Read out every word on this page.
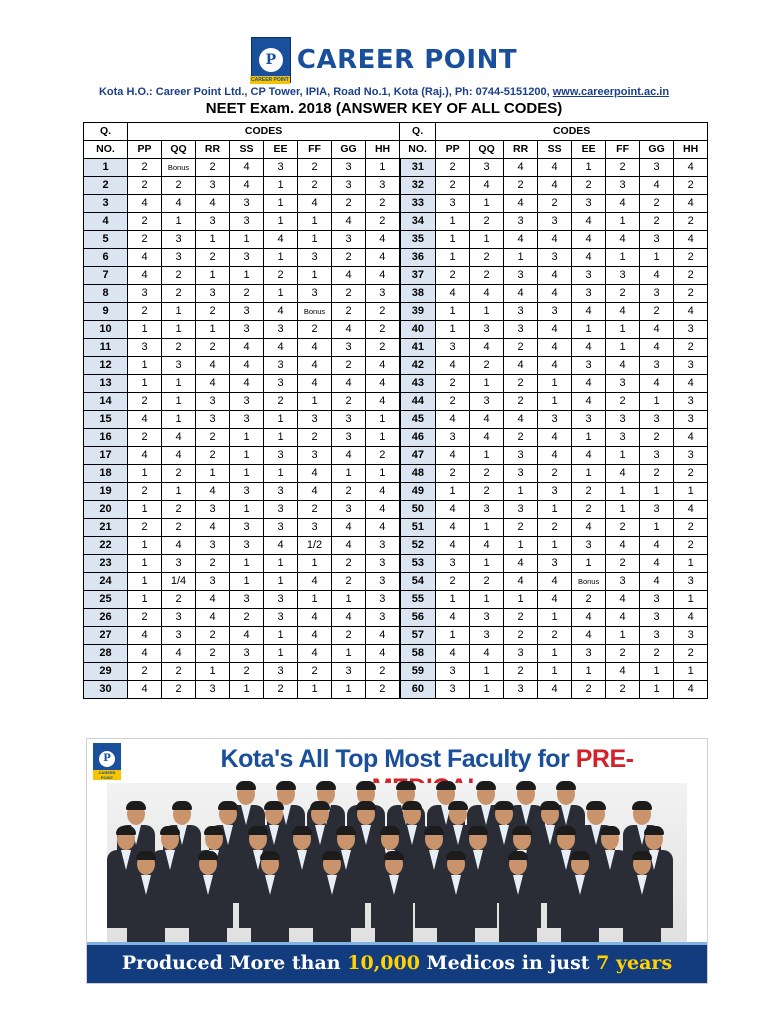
P
CAREER POINT
CAREER POINT
Kota H.O.: Career Point Ltd., CP Tower, IPIA, Road No.1, Kota (Raj.), Ph: 0744-5151200, www.careerpoint.ac.in
NEET Exam. 2018 (ANSWER KEY OF ALL CODES)
Q.	CODES								Q.	CODES							
NO.	PP	QQ	RR	SS	EE	FF	GG	HH	NO.	PP	QQ	RR	SS	EE	FF	GG	HH
1	2	Bonus	2	4	3	2	3	1	31	2	3	4	4	1	2	3	4
2	2	2	3	4	1	2	3	3	32	2	4	2	4	2	3	4	2
3	4	4	4	3	1	4	2	2	33	3	1	4	2	3	4	2	4
4	2	1	3	3	1	1	4	2	34	1	2	3	3	4	1	2	2
5	2	3	1	1	4	1	3	4	35	1	1	4	4	4	4	3	4
6	4	3	2	3	1	3	2	4	36	1	2	1	3	4	1	1	2
7	4	2	1	1	2	1	4	4	37	2	2	3	4	3	3	4	2
8	3	2	3	2	1	3	2	3	38	4	4	4	4	3	2	3	2
9	2	1	2	3	4	Bonus	2	2	39	1	1	3	3	4	4	2	4
10	1	1	1	3	3	2	4	2	40	1	3	3	4	1	1	4	3
11	3	2	2	4	4	4	3	2	41	3	4	2	4	4	1	4	2
12	1	3	4	4	3	4	2	4	42	4	2	4	4	3	4	3	3
13	1	1	4	4	3	4	4	4	43	2	1	2	1	4	3	4	4
14	2	1	3	3	2	1	2	4	44	2	3	2	1	4	2	1	3
15	4	1	3	3	1	3	3	1	45	4	4	4	3	3	3	3	3
16	2	4	2	1	1	2	3	1	46	3	4	2	4	1	3	2	4
17	4	4	2	1	3	3	4	2	47	4	1	3	4	4	1	3	3
18	1	2	1	1	1	4	1	1	48	2	2	3	2	1	4	2	2
19	2	1	4	3	3	4	2	4	49	1	2	1	3	2	1	1	1
20	1	2	3	1	3	2	3	4	50	4	3	3	1	2	1	3	4
21	2	2	4	3	3	3	4	4	51	4	1	2	2	4	2	1	2
22	1	4	3	3	4	1/2	4	3	52	4	4	1	1	3	4	4	2
23	1	3	2	1	1	1	2	3	53	3	1	4	3	1	2	4	1
24	1	1/4	3	1	1	4	2	3	54	2	2	4	4	Bonus	3	4	3
25	1	2	4	3	3	1	1	3	55	1	1	1	4	2	4	3	1
26	2	3	4	2	3	4	4	3	56	4	3	2	1	4	4	3	4
27	4	3	2	4	1	4	2	4	57	1	3	2	2	4	1	3	3
28	4	4	2	3	1	4	1	4	58	4	4	3	1	3	2	2	2
29	2	2	1	2	3	2	3	2	59	3	1	2	1	1	4	1	1
30	4	2	3	1	2	1	1	2	60	3	1	3	4	2	2	1	4
P
CAREER POINT
Kota's All Top Most Faculty for PRE-
Produced More than 10,000 Medicos in just 7 years
